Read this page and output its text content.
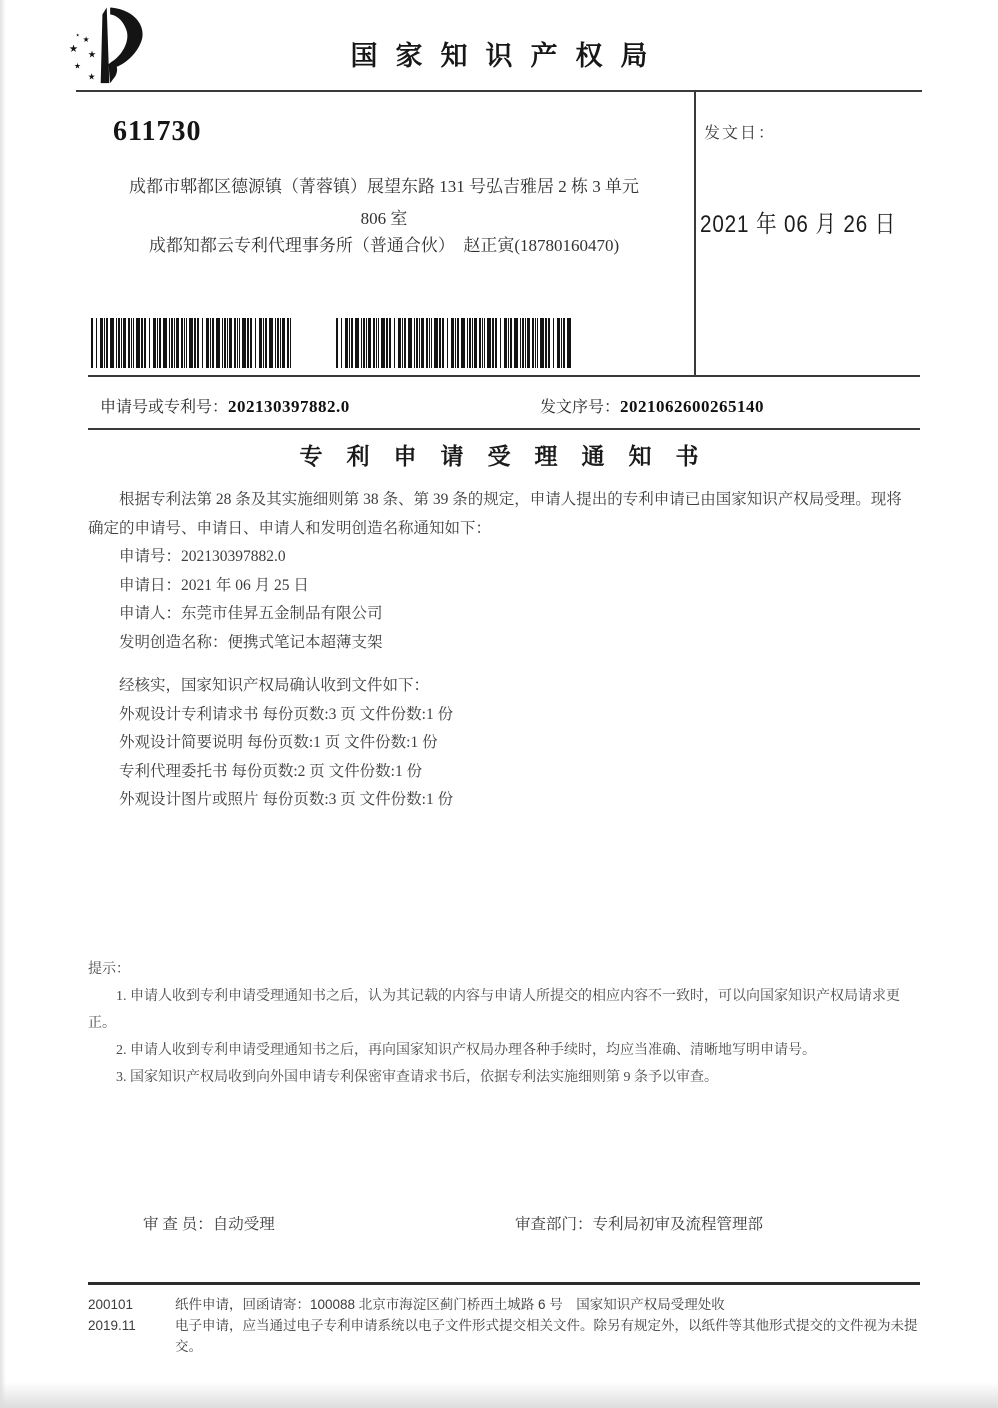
★
★
★
★
★
★
国家知识产权局
611730
成都市郫都区德源镇（菁蓉镇）展望东路 131 号弘吉雅居 2 栋 3 单元
806 室
成都知都云专利代理事务所（普通合伙）　赵正寅(18780160470)
发文日：
2021 年 06 月 26 日
申请号或专利号：202130397882.0	发文序号：2021062600265140
专利申请受理通知书

根据专利法第 28 条及其实施细则第 38 条、第 39 条的规定，申请人提出的专利申请已由国家知识产权局受理。现将确定的申请号、申请日、申请人和发明创造名称通知如下：

申请号：202130397882.0

申请日：2021 年 06 月 25 日

申请人：东莞市佳昇五金制品有限公司

发明创造名称：便携式笔记本超薄支架

经核实，国家知识产权局确认收到文件如下：

外观设计专利请求书 每份页数:3 页 文件份数:1 份

外观设计简要说明 每份页数:1 页 文件份数:1 份

专利代理委托书 每份页数:2 页 文件份数:1 份

外观设计图片或照片 每份页数:3 页 文件份数:1 份

提示：

1. 申请人收到专利申请受理通知书之后，认为其记载的内容与申请人所提交的相应内容不一致时，可以向国家知识产权局请求更正。

2. 申请人收到专利申请受理通知书之后，再向国家知识产权局办理各种手续时，均应当准确、清晰地写明申请号。

3. 国家知识产权局收到向外国申请专利保密审查请求书后，依据专利法实施细则第 9 条予以审查。

审 查 员：自动受理	审查部门：专利局初审及流程管理部
200101
2019.11
纸件申请，回函请寄：100088 北京市海淀区蓟门桥西土城路 6 号　国家知识产权局受理处收
电子申请，应当通过电子专利申请系统以电子文件形式提交相关文件。除另有规定外，以纸件等其他形式提交的文件视为未提交。
